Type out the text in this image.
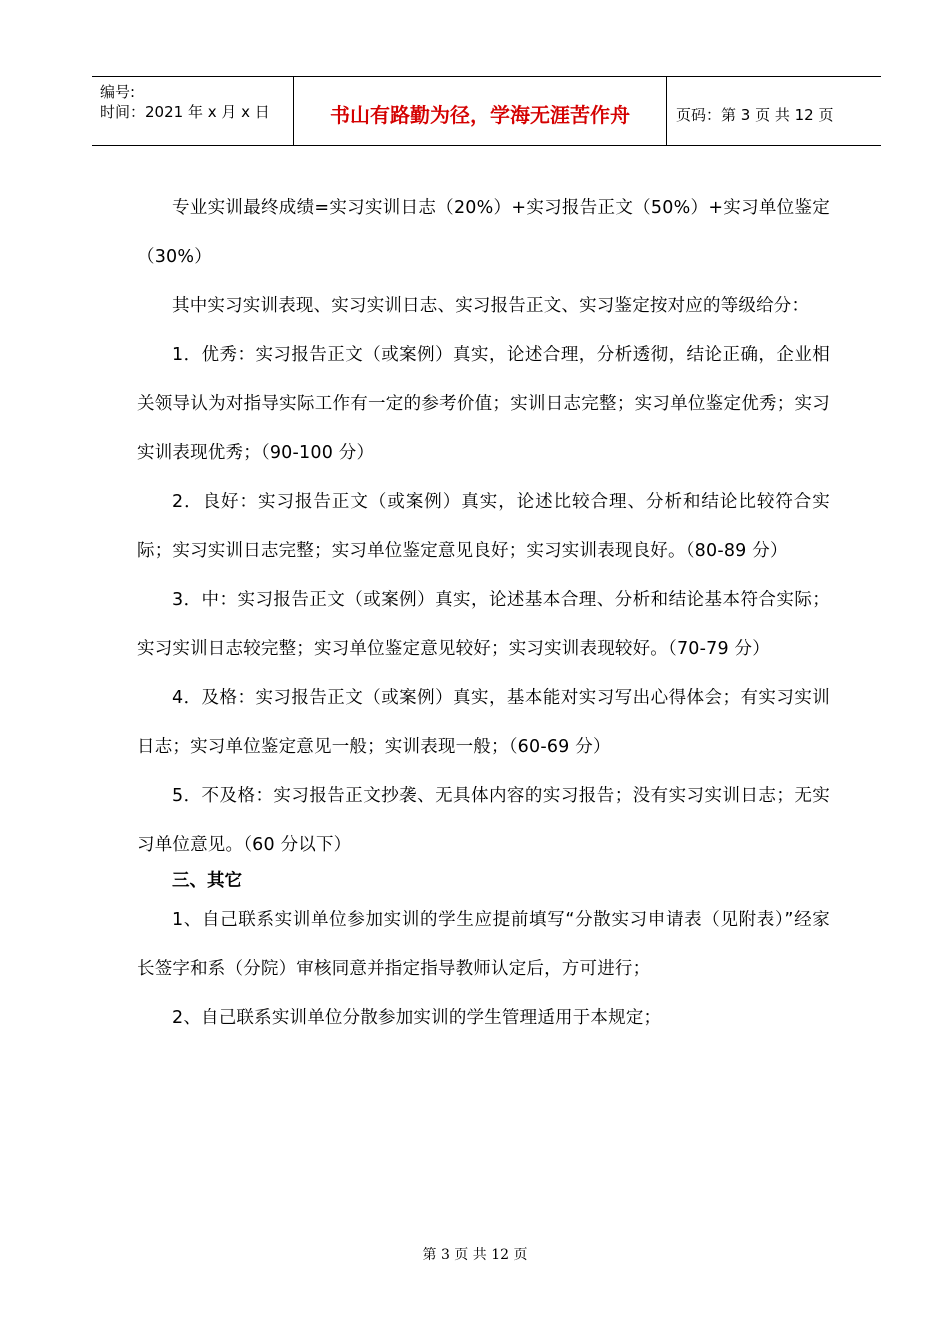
编号:
时间：2021 年 x 月 x 日	书山有路勤为径，学海无涯苦作舟	页码：第 3 页 共 12 页

专业实训最终成绩=实习实训日志（20%）+实习报告正文（50%）+实习单位鉴定（30%）

其中实习实训表现、实习实训日志、实习报告正文、实习鉴定按对应的等级给分：

1．优秀：实习报告正文（或案例）真实，论述合理，分析透彻，结论正确，企业相关领导认为对指导实际工作有一定的参考价值；实训日志完整；实习单位鉴定优秀；实习实训表现优秀；（90-100 分）

2．良好：实习报告正文（或案例）真实，论述比较合理、分析和结论比较符合实际；实习实训日志完整；实习单位鉴定意见良好；实习实训表现良好。（80-89 分）

3．中：实习报告正文（或案例）真实，论述基本合理、分析和结论基本符合实际；实习实训日志较完整；实习单位鉴定意见较好；实习实训表现较好。（70-79 分）

4．及格：实习报告正文（或案例）真实，基本能对实习写出心得体会；有实习实训日志；实习单位鉴定意见一般；实训表现一般；（60-69 分）

5．不及格：实习报告正文抄袭、无具体内容的实习报告；没有实习实训日志；无实习单位意见。（60 分以下）

三、其它

1、自己联系实训单位参加实训的学生应提前填写“分散实习申请表（见附表）”经家长签字和系（分院）审核同意并指定指导教师认定后，方可进行；

2、自己联系实训单位分散参加实训的学生管理适用于本规定；

第 3 页 共 12 页
